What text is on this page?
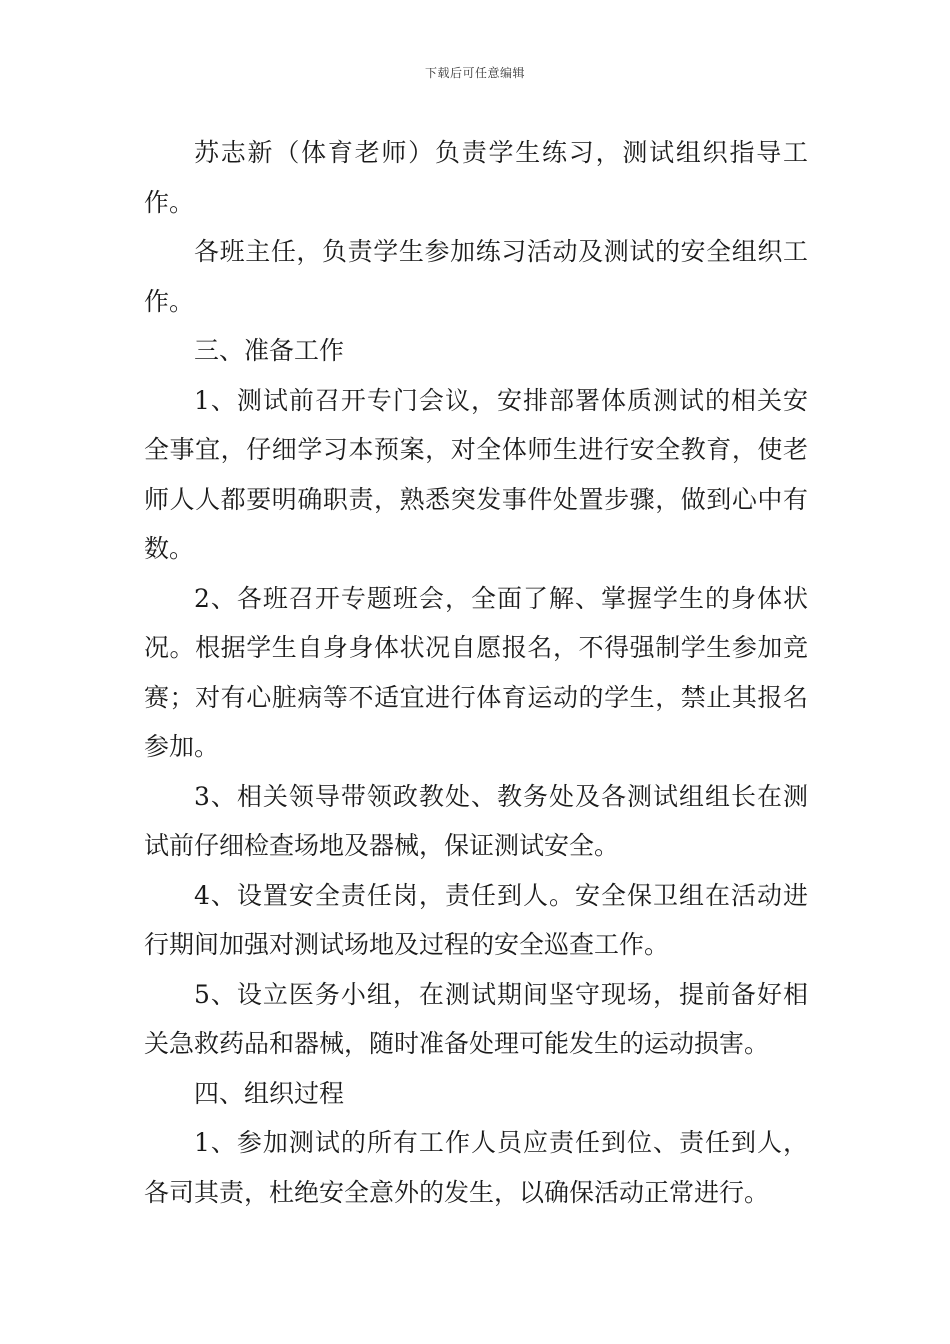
下载后可任意编辑

苏志新（体育老师）负责学生练习，测试组织指导工作。

各班主任，负责学生参加练习活动及测试的安全组织工作。

三、准备工作

1、测试前召开专门会议，安排部署体质测试的相关安全事宜，仔细学习本预案，对全体师生进行安全教育，使老师人人都要明确职责，熟悉突发事件处置步骤，做到心中有数。

2、各班召开专题班会，全面了解、掌握学生的身体状况。根据学生自身身体状况自愿报名，不得强制学生参加竞赛；对有心脏病等不适宜进行体育运动的学生，禁止其报名参加。

3、相关领导带领政教处、教务处及各测试组组长在测试前仔细检查场地及器械，保证测试安全。

4、设置安全责任岗，责任到人。安全保卫组在活动进行期间加强对测试场地及过程的安全巡查工作。

5、设立医务小组，在测试期间坚守现场，提前备好相关急救药品和器械，随时准备处理可能发生的运动损害。

四、组织过程

1、参加测试的所有工作人员应责任到位、责任到人，各司其责，杜绝安全意外的发生，以确保活动正常进行。
